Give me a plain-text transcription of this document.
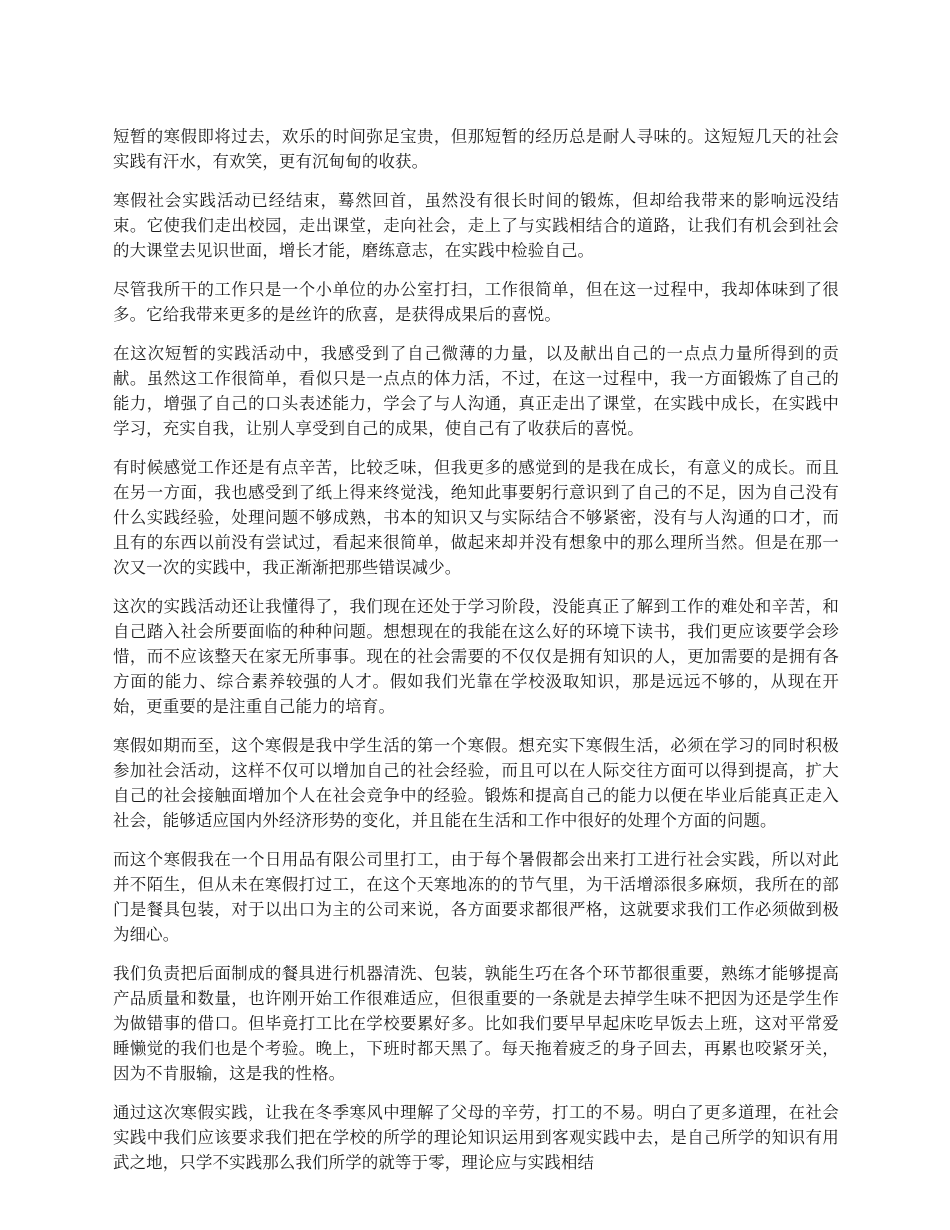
短暂的寒假即将过去，欢乐的时间弥足宝贵，但那短暂的经历总是耐人寻味的。这短短几天的社会实践有汗水，有欢笑，更有沉甸甸的收获。

寒假社会实践活动已经结束，蓦然回首，虽然没有很长时间的锻炼，但却给我带来的影响远没结束。它使我们走出校园，走出课堂，走向社会，走上了与实践相结合的道路，让我们有机会到社会的大课堂去见识世面，增长才能，磨练意志，在实践中检验自己。

尽管我所干的工作只是一个小单位的办公室打扫，工作很简单，但在这一过程中，我却体味到了很多。它给我带来更多的是丝许的欣喜，是获得成果后的喜悦。

在这次短暂的实践活动中，我感受到了自己微薄的力量，以及献出自己的一点点力量所得到的贡献。虽然这工作很简单，看似只是一点点的体力活，不过，在这一过程中，我一方面锻炼了自己的能力，增强了自己的口头表述能力，学会了与人沟通，真正走出了课堂，在实践中成长，在实践中学习，充实自我，让别人享受到自己的成果，使自己有了收获后的喜悦。

有时候感觉工作还是有点辛苦，比较乏味，但我更多的感觉到的是我在成长，有意义的成长。而且在另一方面，我也感受到了纸上得来终觉浅，绝知此事要躬行意识到了自己的不足，因为自己没有什么实践经验，处理问题不够成熟，书本的知识又与实际结合不够紧密，没有与人沟通的口才，而且有的东西以前没有尝试过，看起来很简单，做起来却并没有想象中的那么理所当然。但是在那一次又一次的实践中，我正渐渐把那些错误减少。

这次的实践活动还让我懂得了，我们现在还处于学习阶段，没能真正了解到工作的难处和辛苦，和自己踏入社会所要面临的种种问题。想想现在的我能在这么好的环境下读书，我们更应该要学会珍惜，而不应该整天在家无所事事。现在的社会需要的不仅仅是拥有知识的人，更加需要的是拥有各方面的能力、综合素养较强的人才。假如我们光靠在学校汲取知识，那是远远不够的，从现在开始，更重要的是注重自己能力的培育。

寒假如期而至，这个寒假是我中学生活的第一个寒假。想充实下寒假生活，必须在学习的同时积极参加社会活动，这样不仅可以增加自己的社会经验，而且可以在人际交往方面可以得到提高，扩大自己的社会接触面增加个人在社会竞争中的经验。锻炼和提高自己的能力以便在毕业后能真正走入社会，能够适应国内外经济形势的变化，并且能在生活和工作中很好的处理个方面的问题。

而这个寒假我在一个日用品有限公司里打工，由于每个暑假都会出来打工进行社会实践，所以对此并不陌生，但从未在寒假打过工，在这个天寒地冻的的节气里，为干活增添很多麻烦，我所在的部门是餐具包装，对于以出口为主的公司来说，各方面要求都很严格，这就要求我们工作必须做到极为细心。

我们负责把后面制成的餐具进行机器清洗、包装，孰能生巧在各个环节都很重要，熟练才能够提高产品质量和数量，也许刚开始工作很难适应，但很重要的一条就是去掉学生味不把因为还是学生作为做错事的借口。但毕竟打工比在学校要累好多。比如我们要早早起床吃早饭去上班，这对平常爱睡懒觉的我们也是个考验。晚上，下班时都天黑了。每天拖着疲乏的身子回去，再累也咬紧牙关，因为不肯服输，这是我的性格。

通过这次寒假实践，让我在冬季寒风中理解了父母的辛劳，打工的不易。明白了更多道理，在社会实践中我们应该要求我们把在学校的所学的理论知识运用到客观实践中去，是自己所学的知识有用武之地，只学不实践那么我们所学的就等于零，理论应与实践相结
